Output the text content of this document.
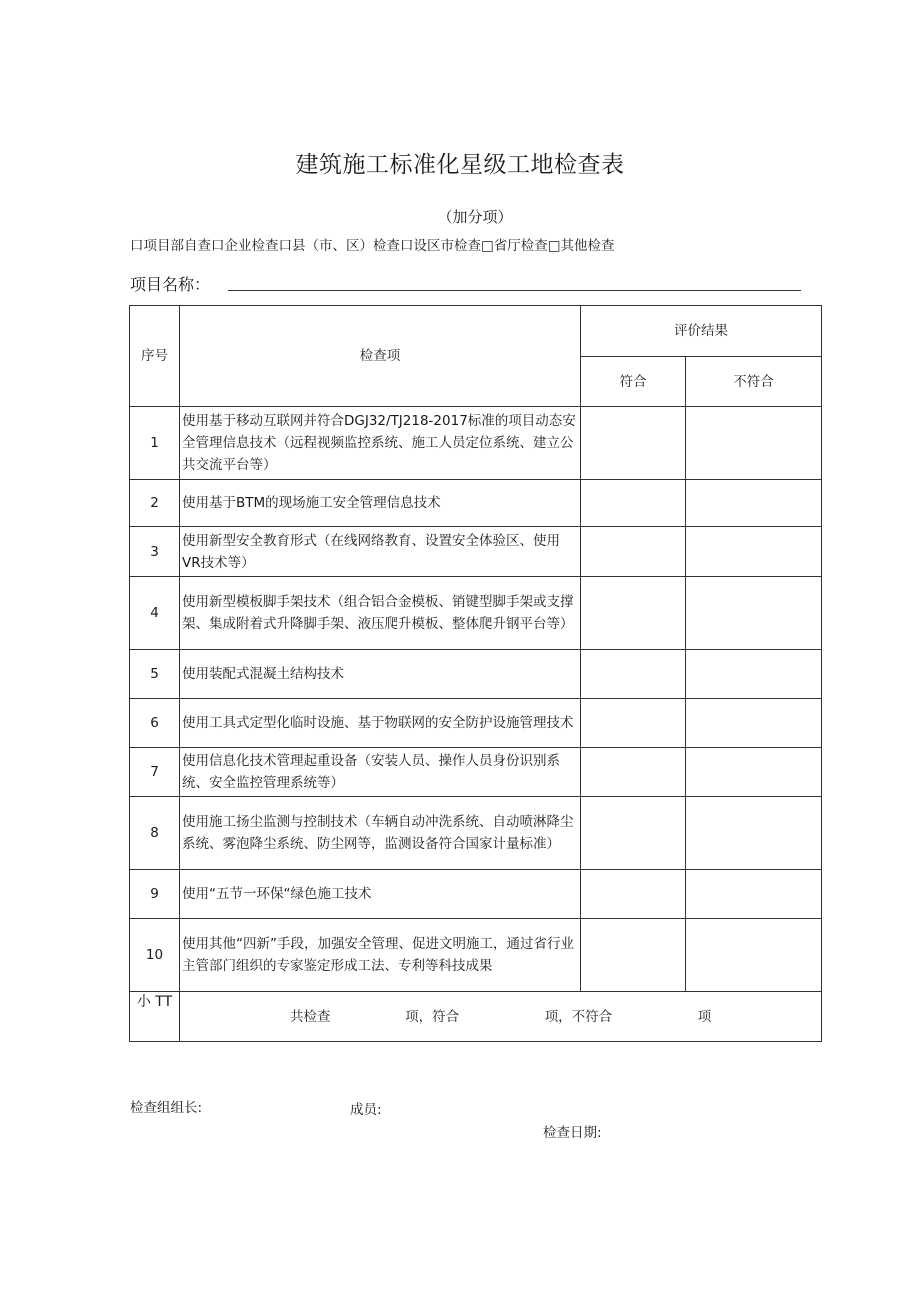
建筑施工标准化星级工地检查表
（加分项）
口项目部自查口企业检查口县（市、区）检查口设区市检查□省厅检查□其他检查
项目名称：
序号	检查项	评价结果	
		符合	不符合
1	使用基于移动互联网并符合DGJ32/TJ218-2017标准的项目动态安全管理信息技术（远程视频监控系统、施工人员定位系统、建立公共交流平台等）		
2	使用基于BTM的现场施工安全管理信息技术		
3	使用新型安全教育形式（在线网络教育、设置安全体验区、使用VR技术等）		
4	使用新型模板脚手架技术（组合铝合金模板、销键型脚手架或支撑架、集成附着式升降脚手架、液压爬升模板、整体爬升钢平台等）		
5	使用装配式混凝土结构技术		
6	使用工具式定型化临时设施、基于物联网的安全防护设施管理技术		
7	使用信息化技术管理起重设备（安装人员、操作人员身份识别系统、安全监控管理系统等）		
8	使用施工扬尘监测与控制技术（车辆自动冲洗系统、自动喷淋降尘系统、雾泡降尘系统、防尘网等，监测设备符合国家计量标准）		
9	使用“五节一环保“绿色施工技术		
10	使用其他“四新”手段，加强安全管理、促进文明施工，通过省行业主管部门组织的专家鉴定形成工法、专利等科技成果		
小 TT	共检查 项，符合 项，不符合 项		
检查组组长:	成员:
检查日期:
